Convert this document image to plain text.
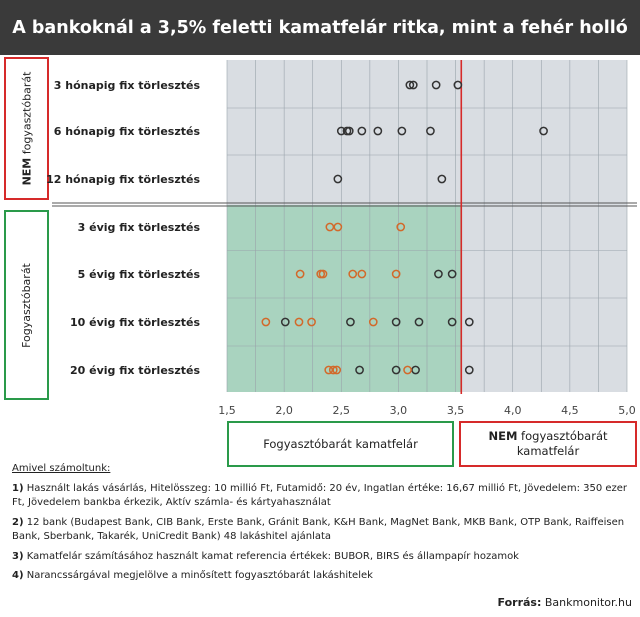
A bankoknál a 3,5% feletti kamatfelár ritka, mint a fehér holló
NEM fogyasztóbarát
Fogyasztóbarát
3 hónapig fix törlesztés
6 hónapig fix törlesztés
12 hónapig fix törlesztés
3 évig fix törlesztés
5 évig fix törlesztés
10 évig fix törlesztés
20 évig fix törlesztés
1,5	2,0	2,5	3,0	3,5	4,0	4,5	5,0
Fogyasztóbarát kamatfelár
NEM fogyasztóbarát
kamatfelár
Amivel számoltunk:
1) Használt lakás vásárlás, Hitelösszeg: 10 millió Ft, Futamidő: 20 év, Ingatlan értéke: 16,67 millió Ft, Jövedelem: 350 ezer Ft, Jövedelem bankba érkezik, Aktív számla- és kártyahasználat
2) 12 bank (Budapest Bank, CIB Bank, Erste Bank, Gránit Bank, K&H Bank, MagNet Bank, MKB Bank, OTP Bank, Raiffeisen Bank, Sberbank, Takarék, UniCredit Bank) 48 lakáshitel ajánlata
3) Kamatfelár számításához használt kamat referencia értékek: BUBOR, BIRS és állampapír hozamok
4) Narancssárgával megjelölve a minősített fogyasztóbarát lakáshitelek
Forrás: Bankmonitor.hu
